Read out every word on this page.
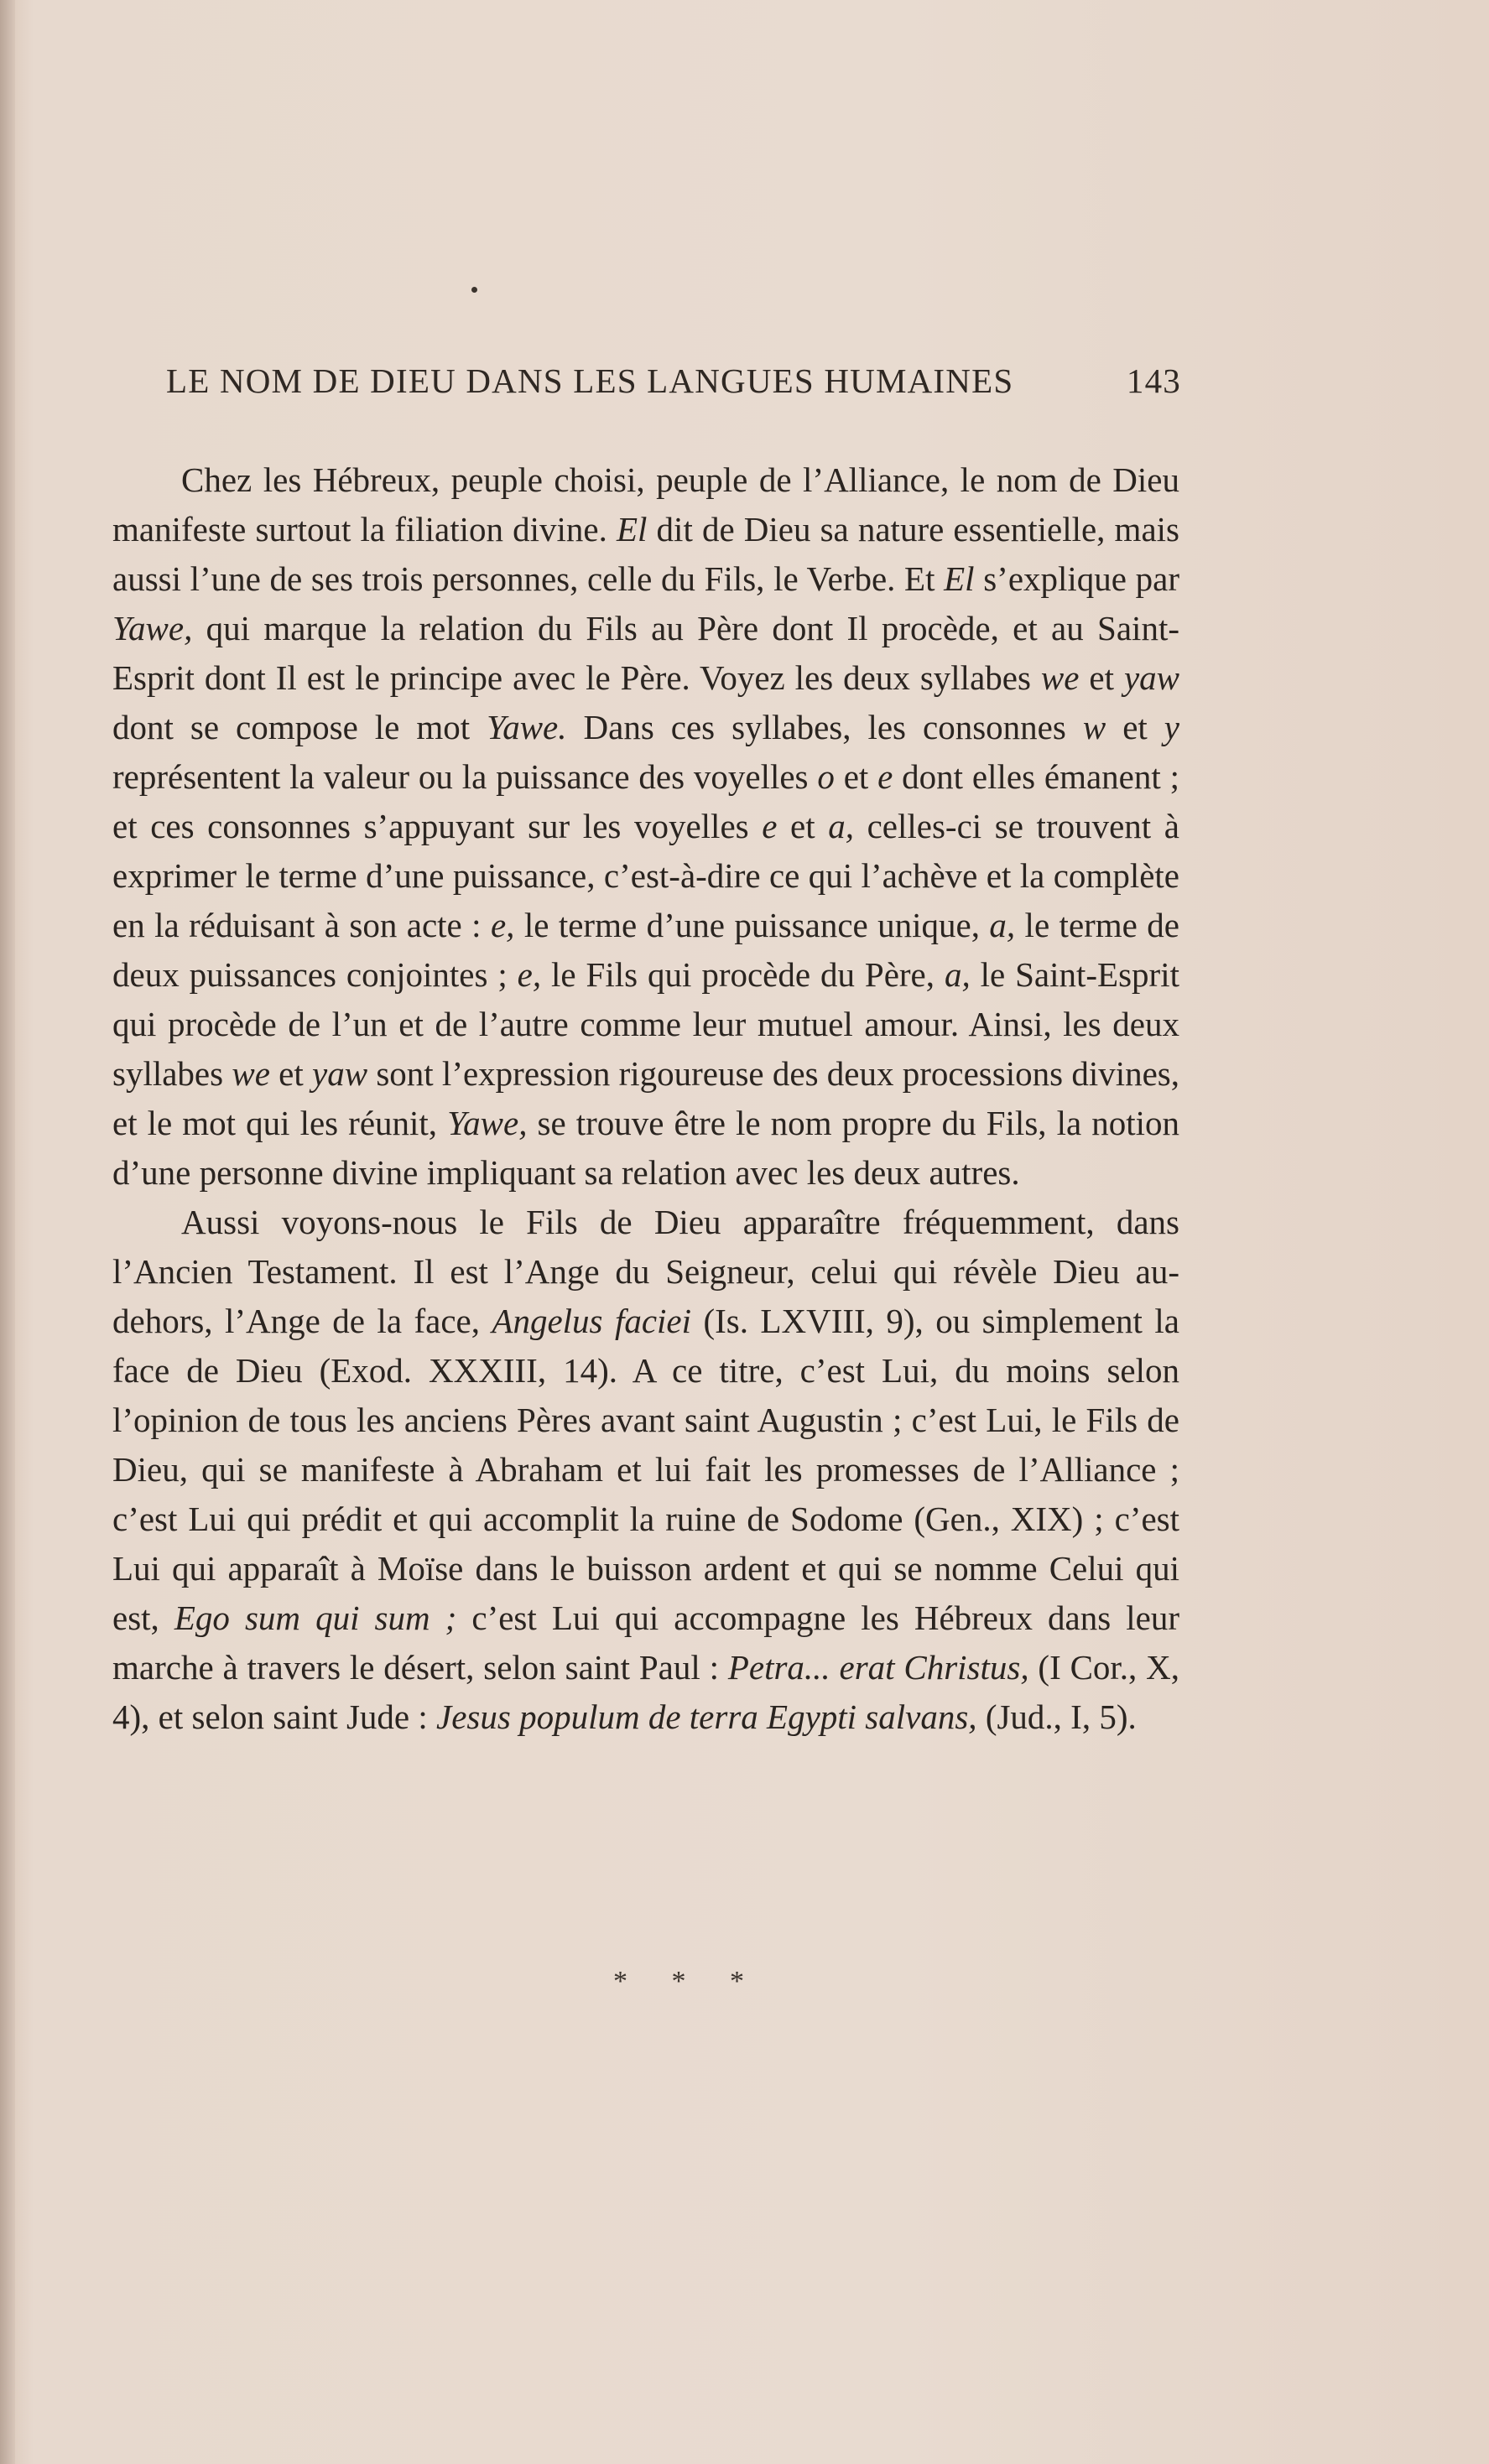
LE NOM DE DIEU DANS LES LANGUES HUMAINES	143

Chez les Hébreux, peuple choisi, peuple de l’Alliance, le nom de Dieu manifeste surtout la filiation divine. El dit de Dieu sa nature essentielle, mais aussi l’une de ses trois personnes, celle du Fils, le Verbe. Et El s’explique par Yawe, qui marque la relation du Fils au Père dont Il procède, et au Saint-Esprit dont Il est le principe avec le Père. Voyez les deux syllabes we et yaw dont se compose le mot Yawe. Dans ces syllabes, les consonnes w et y représentent la valeur ou la puissance des voyelles o et e dont elles émanent ; et ces consonnes s’appuyant sur les voyelles e et a, celles-ci se trouvent à exprimer le terme d’une puissance, c’est-à-dire ce qui l’achève et la complète en la réduisant à son acte : e, le terme d’une puissance unique, a, le terme de deux puissances conjointes ; e, le Fils qui procède du Père, a, le Saint-Esprit qui procède de l’un et de l’autre comme leur mutuel amour. Ainsi, les deux syllabes we et yaw sont l’expression rigoureuse des deux processions divines, et le mot qui les réunit, Yawe, se trouve être le nom propre du Fils, la notion d’une personne divine impliquant sa relation avec les deux autres.

Aussi voyons-nous le Fils de Dieu apparaître fréquemment, dans l’Ancien Testament. Il est l’Ange du Seigneur, celui qui révèle Dieu au-dehors, l’Ange de la face, Angelus faciei (Is. LXVIII, 9), ou simplement la face de Dieu (Exod. XXXIII, 14). A ce titre, c’est Lui, du moins selon l’opinion de tous les anciens Pères avant saint Augustin ; c’est Lui, le Fils de Dieu, qui se manifeste à Abraham et lui fait les promesses de l’Alliance ; c’est Lui qui prédit et qui accomplit la ruine de Sodome (Gen., XIX) ; c’est Lui qui apparaît à Moïse dans le buisson ardent et qui se nomme Celui qui est, Ego sum qui sum ; c’est Lui qui accompagne les Hébreux dans leur marche à travers le désert, selon saint Paul : Petra... erat Christus, (I Cor., X, 4), et selon saint Jude : Jesus populum de terra Egypti salvans, (Jud., I, 5).

* * *
